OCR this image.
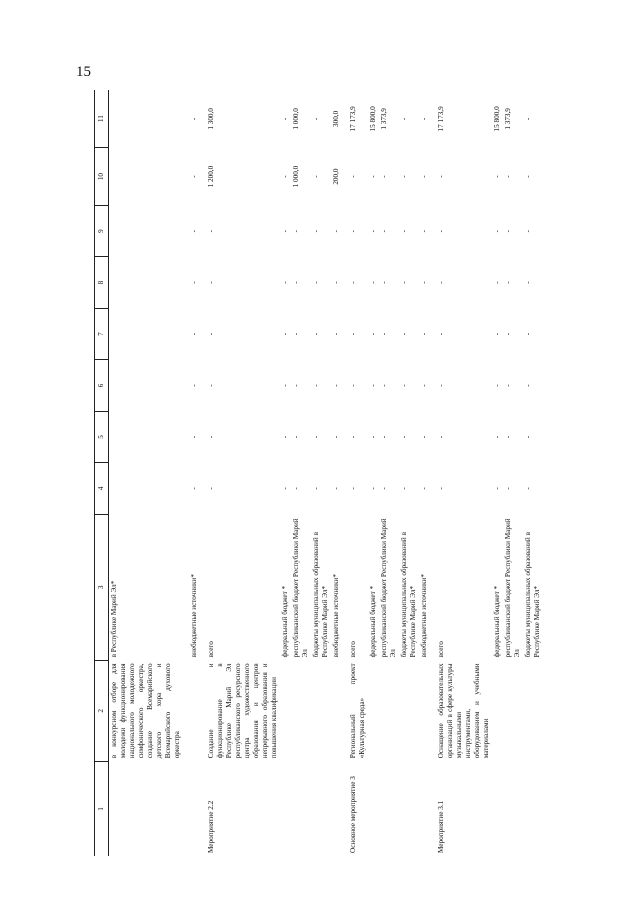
15
1	2	3	4	5	6	7	8	9	10	11
	в конкурсном отборе для молодежи функционирования национального молодежного симфонического оркестра, создание Всемарийского детского хора и Всемарийского духового оркестра	в Республике Марий Эл*								
		внебюджетные источники*	-	-	-	-	-	-	-	-
Мероприятие 2.2	Создание и функционирование в Республике Марий Эл республиканского ресурсного центра художественного образования и центров непрерывного образования и повышения квалификации	всего	-	-	-	-	-	-	1 200,0	1 300,0
		федеральный бюджет *	-	-	-	-	-	-	-	-
		республиканский бюджет Республики Марий Эл	-	-	-	-	-	-	1 000,0	1 000,0
		бюджеты муниципальных образований в Республике Марий Эл*	-	-	-	-	-	-	-	-
		внебюджетные источники*	-	-	-	-	-	-	200,0	300,0
Основное мероприятие 3	Региональный проект «Культурная среда»	всего	-	-	-	-	-	-	-	17 173,9
		федеральный бюджет *	-	-	-	-	-	-	-	15 800,0
		республиканский бюджет Республики Марий Эл	-	-	-	-	-	-	-	1 373,9
		бюджеты муниципальных образований в Республике Марий Эл*	-	-	-	-	-	-	-	-
		внебюджетные источники*	-	-	-	-	-	-	-	-
Мероприятие 3.1	Оснащение образовательных организаций в сфере культуры музыкальными инструментами, оборудованием и учебными материалами	всего	-	-	-	-	-	-	-	17 173,9
		федеральный бюджет *	-	-	-	-	-	-	-	15 800,0
		республиканский бюджет Республики Марий Эл	-	-	-	-	-	-	-	1 373,9
		бюджеты муниципальных образований в Республике Марий Эл*	-	-	-	-	-	-	-	-
